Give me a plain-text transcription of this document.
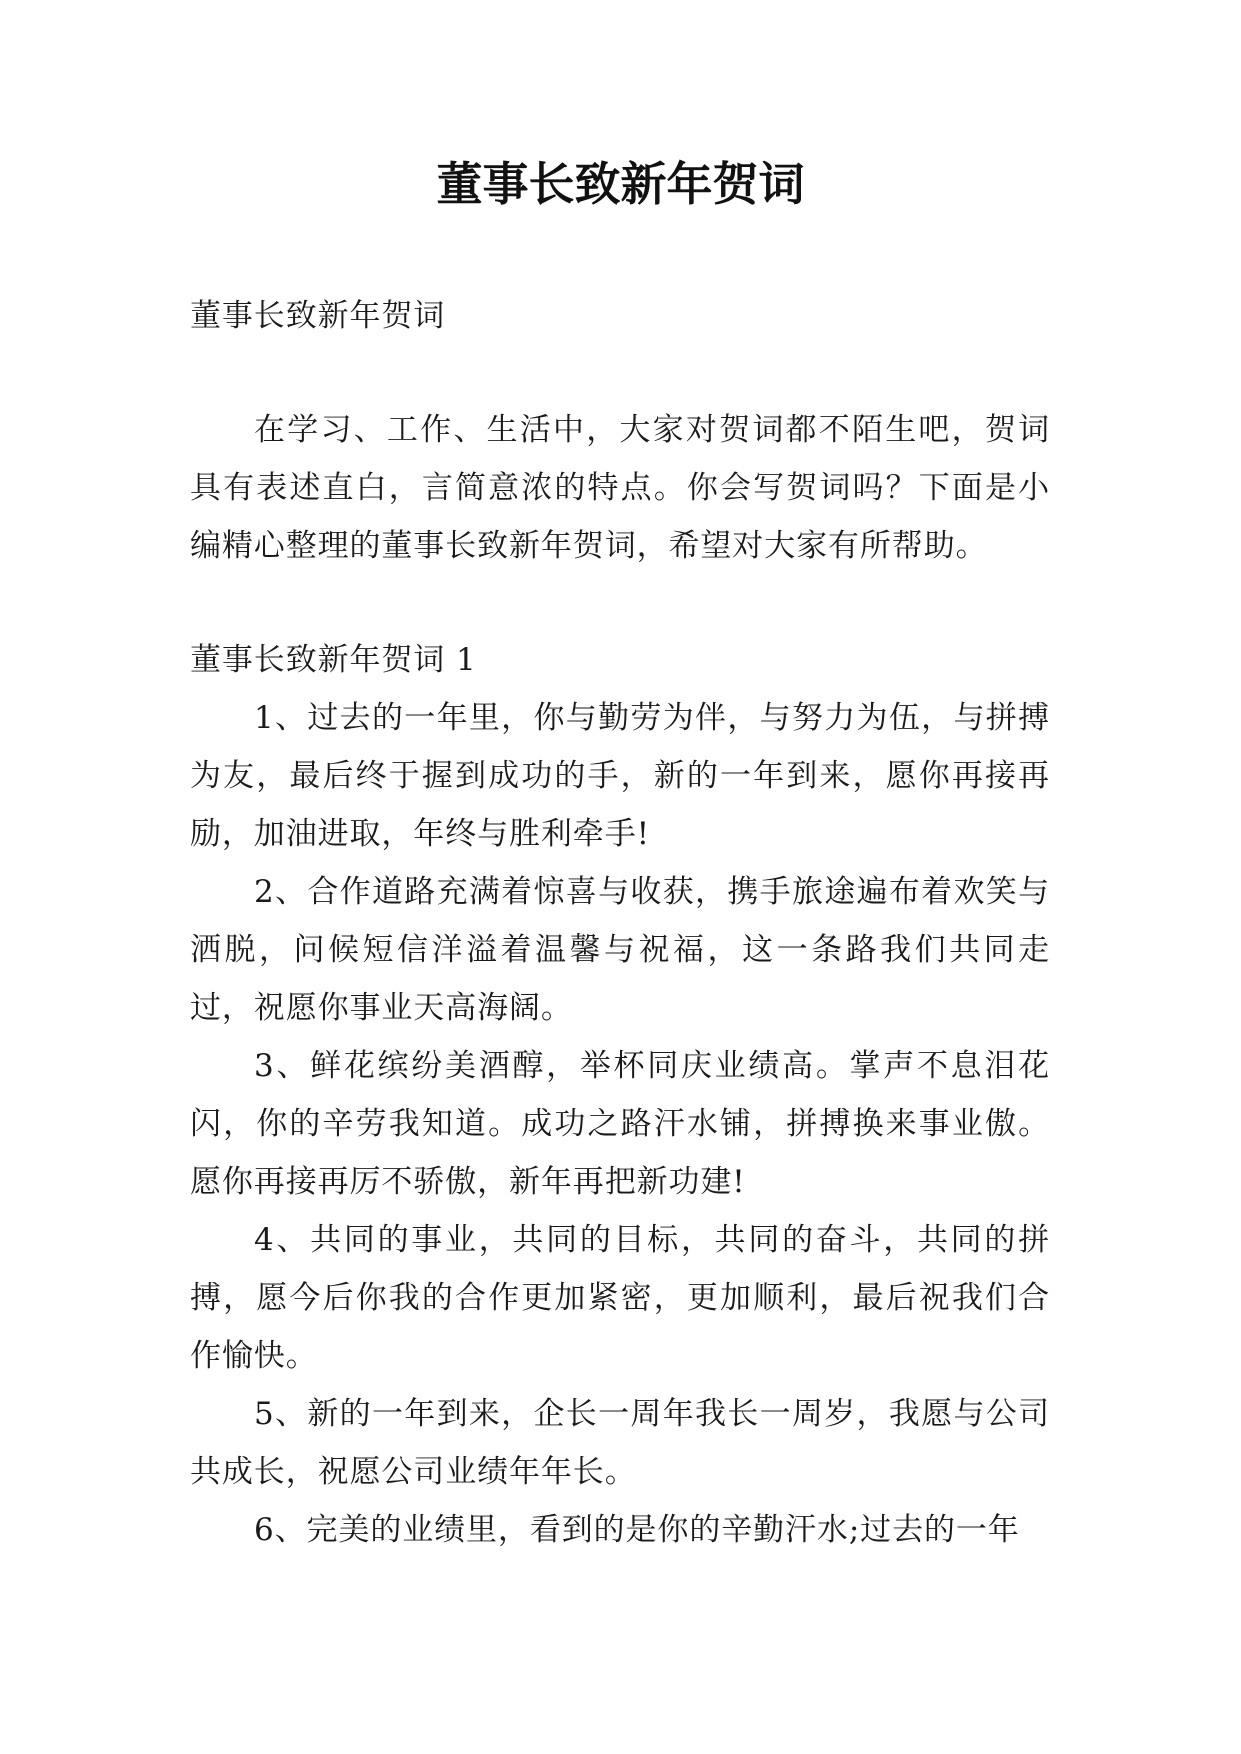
董事长致新年贺词

董事长致新年贺词

在学习、工作、生活中，大家对贺词都不陌生吧，贺词具有表述直白，言简意浓的特点。你会写贺词吗？下面是小编精心整理的董事长致新年贺词，希望对大家有所帮助。

董事长致新年贺词 1

1、过去的一年里，你与勤劳为伴，与努力为伍，与拼搏为友，最后终于握到成功的手，新的一年到来，愿你再接再励，加油进取，年终与胜利牵手!

2、合作道路充满着惊喜与收获，携手旅途遍布着欢笑与洒脱，问候短信洋溢着温馨与祝福，这一条路我们共同走过，祝愿你事业天高海阔。

3、鲜花缤纷美酒醇，举杯同庆业绩高。掌声不息泪花闪，你的辛劳我知道。成功之路汗水铺，拼搏换来事业傲。愿你再接再厉不骄傲，新年再把新功建!

4、共同的事业，共同的目标，共同的奋斗，共同的拼搏，愿今后你我的合作更加紧密，更加顺利，最后祝我们合作愉快。

5、新的一年到来，企长一周年我长一周岁，我愿与公司共成长，祝愿公司业绩年年长。

6、完美的业绩里，看到的是你的辛勤汗水;过去的一年
